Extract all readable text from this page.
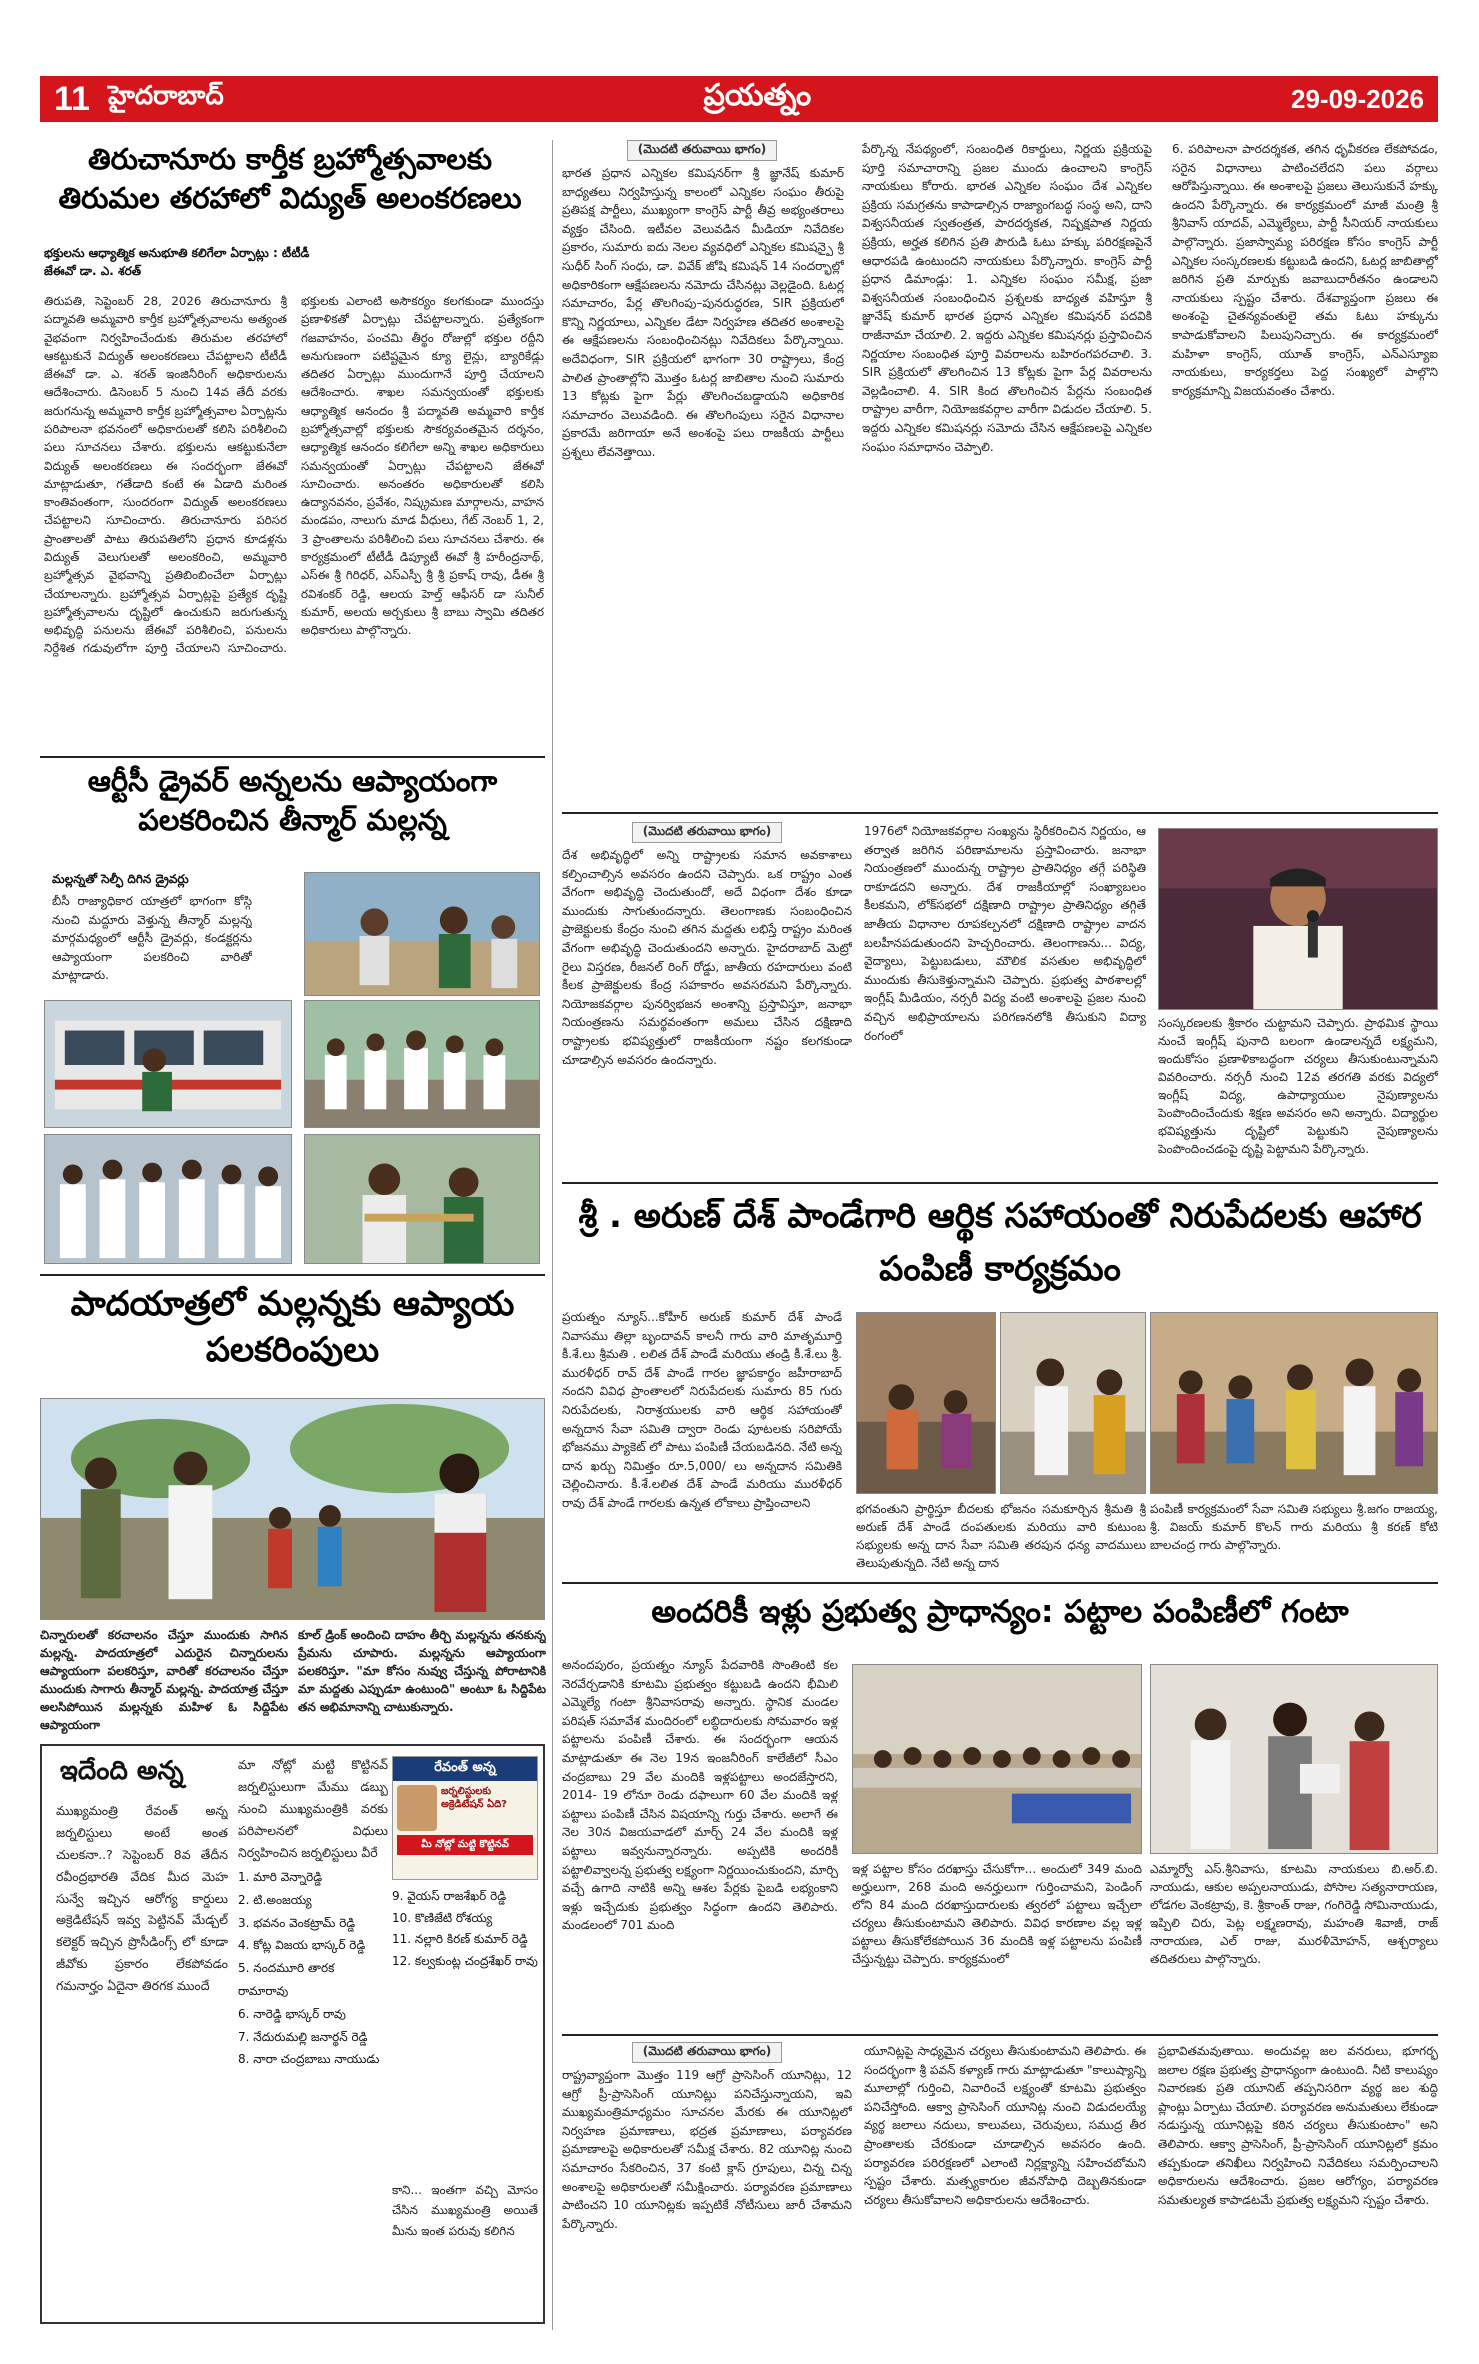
11 హైదరాబాద్	ప్రయత్నం	29-09-2026
తిరుచానూరు కార్తీక బ్రహ్మోత్సవాలకు తిరుమల తరహాలో విద్యుత్ అలంకరణలు
భక్తులను ఆధ్యాత్మిక అనుభూతి కలిగేలా ఏర్పాట్లు : టీటీడీ జేఈవో డా. ఎ. శరత్
తిరుపతి, సెప్టెంబర్ 28, 2026 తిరుచానూరు శ్రీ పద్మావతి అమ్మవారి కార్తీక బ్రహ్మోత్సవాలను అత్యంత వైభవంగా నిర్వహించేందుకు తిరుమల తరహాలో ఆకట్టుకునే విద్యుత్ అలంకరణలు చేపట్టాలని టీటీడీ జేఈవో డా. ఎ. శరత్ ఇంజినీరింగ్ అధికారులను ఆదేశించారు. డిసెంబర్ 5 నుంచి 14వ తేదీ వరకు జరుగనున్న అమ్మవారి కార్తీక బ్రహ్మోత్సవాల ఏర్పాట్లను పరిపాలనా భవనంలో అధికారులతో కలిసి పరిశీలించి పలు సూచనలు చేశారు. భక్తులను ఆకట్టుకునేలా విద్యుత్ అలంకరణలు ఈ సందర్భంగా జేఈవో మాట్లాడుతూ, గతేడాది కంటే ఈ ఏడాది మరింత కాంతివంతంగా, సుందరంగా విద్యుత్ అలంకరణలు చేపట్టాలని సూచించారు. తిరుచానూరు పరిసర ప్రాంతాలతో పాటు తిరుపతిలోని ప్రధాన కూడళ్లను విద్యుత్ వెలుగులతో అలంకరించి, అమ్మవారి బ్రహ్మోత్సవ వైభవాన్ని ప్రతిబింబించేలా ఏర్పాట్లు చేయాలన్నారు. బ్రహ్మోత్సవ ఏర్పాట్లపై ప్రత్యేక దృష్టి బ్రహ్మోత్సవాలను దృష్టిలో ఉంచుకుని జరుగుతున్న అభివృద్ధి పనులను జేఈవో పరిశీలించి, పనులను నిర్దేశిత గడువులోగా పూర్తి చేయాలని సూచించారు. భక్తులకు ఎలాంటి అసౌకర్యం కలగకుండా ముందస్తు ప్రణాళికతో ఏర్పాట్లు చేపట్టాలన్నారు. ప్రత్యేకంగా గజవాహనం, పంచమి తీర్థం రోజుల్లో భక్తుల రద్దీని అనుగుణంగా పటిష్టమైన క్యూ లైన్లు, బ్యారికేడ్లు తదితర ఏర్పాట్లు ముందుగానే పూర్తి చేయాలని ఆదేశించారు. శాఖల సమన్వయంతో భక్తులకు ఆధ్యాత్మిక ఆనందం శ్రీ పద్మావతి అమ్మవారి కార్తీక బ్రహ్మోత్సవాల్లో భక్తులకు సౌకర్యవంతమైన దర్శనం, ఆధ్యాత్మిక ఆనందం కలిగేలా అన్ని శాఖల అధికారులు సమన్వయంతో ఏర్పాట్లు చేపట్టాలని జేఈవో సూచించారు. అనంతరం అధికారులతో కలిసి ఉద్యానవనం, ప్రవేశం, నిష్క్రమణ మార్గాలను, వాహన మండపం, నాలుగు మాడ వీధులు, గేట్ నెంబర్ 1, 2, 3 ప్రాంతాలను పరిశీలించి పలు సూచనలు చేశారు. ఈ కార్యక్రమంలో టీటీడీ డిప్యూటీ ఈవో శ్రీ హరీంద్రనాథ్, ఎస్ఈ శ్రీ గిరిధర్, ఎస్ఎస్పీ శ్రీ శ్రీ ప్రకాష్ రావు, డీఈ శ్రీ రవిశంకర్ రెడ్డి, ఆలయ హెల్త్ ఆఫీసర్ డా సునీల్ కుమార్, అలయ అర్చకులు శ్రీ బాబు స్వామి తదితర అధికారులు పాల్గొన్నారు.
ఆర్టీసీ డ్రైవర్ అన్నలను ఆప్యాయంగా పలకరించిన తీన్మార్ మల్లన్న
మల్లన్నతో సెల్ఫీ దిగిన డ్రైవర్లు
బీసీ రాజ్యాధికార యాత్రలో భాగంగా కోస్గి నుంచి మద్దూరు వెళ్తున్న తీన్మార్ మల్లన్న మార్గమధ్యంలో ఆర్టీసీ డ్రైవర్లు, కండక్టర్లను ఆప్యాయంగా పలకరించి వారితో మాట్లాడారు.
పాదయాత్రలో మల్లన్నకు ఆప్యాయ పలకరింపులు
చిన్నారులతో కరచాలనం చేస్తూ ముందుకు సాగిన మల్లన్న. పాదయాత్రలో ఎదురైన చిన్నారులను ఆప్యాయంగా పలకరిస్తూ, వారితో కరచాలనం చేస్తూ ముందుకు సాగారు తీన్మార్ మల్లన్న. పాదయాత్ర చేస్తూ అలసిపోయిన మల్లన్నకు మహిళ ఓ సిద్దిపేట ఆప్యాయంగా
కూల్ డ్రింక్ అందించి దాహం తీర్చి మల్లన్నను తనకున్న ప్రేమను చూపారు. మల్లన్నను ఆప్యాయంగా పలకరిస్తూ. "మా కోసం నువ్వు చేస్తున్న పోరాటానికి మా మద్దతు ఎప్పుడూ ఉంటుంది" అంటూ ఓ సిద్దిపేట తన అభిమానాన్ని చాటుకున్నారు.
ఇదేంది అన్న
ముఖ్యమంత్రి రేవంత్ అన్న జర్నలిస్టులు అంటే అంత చులకనా..? సెప్టెంబర్ 8వ తేదీన రవీంద్రభారతి వేదిక మీద మెహ సున్వే ఇచ్చిన ఆరోగ్య కార్డులు అక్రెడిటేషన్ ఇవ్వ పెట్టినవ్ మేడ్చల్ కలెక్టర్ ఇచ్చిన ప్రొసీడింగ్స్ లో కూడా జీవోకు ప్రకారం లేకపోవడం గమనార్హం ఏదైనా తిరగక ముందే
మా నోట్లో మట్టి కొట్టినవ్ జర్నలిస్టులుగా మేము డబ్బు నుంచి ముఖ్యమంత్రికి వరకు పరిపాలనలో విధులు నిర్వహించిన జర్నలిస్టులు వీరే
1. మారి వెన్నారెడ్డి
2. టి.అంజయ్య
3. భవనం వెంకట్రామ్ రెడ్డి
4. కోట్ల విజయ భాస్కర్ రెడ్డి
5. నందమూరి తారక రామారావు
6. నారెడ్డి భాస్కర్ రావు
7. నేదురుమల్లి జనార్థన్ రెడ్డి
8. నారా చంద్రబాబు నాయుడు
రేవంత్ అన్న
జర్నలిస్టులకు అక్రెడిటేషన్ ఏది?
మీ నోట్లో మట్టి కొట్టినవ్
9. వైయస్ రాజశేఖర్ రెడ్డి
10. కొణిజేటి రోశయ్య
11. నల్లారి కిరణ్ కుమార్ రెడ్డి
12. కల్వకుంట్ల చంద్రశేఖర్ రావు
కాని... ఇంతగా వచ్చి మోసం చేసిన ముఖ్యమంత్రి అయితే మీను ఇంత పరువు కలిగిన
(మొదటి తరువాయి భాగం)
భారత ప్రధాన ఎన్నికల కమిషనర్‌గా శ్రీ జ్ఞానేష్ కుమార్ బాధ్యతలు నిర్వహిస్తున్న కాలంలో ఎన్నికల సంఘం తీరుపై ప్రతిపక్ష పార్టీలు, ముఖ్యంగా కాంగ్రెస్ పార్టీ తీవ్ర అభ్యంతరాలు వ్యక్తం చేసింది. ఇటీవల వెలువడిన మీడియా నివేదికల ప్రకారం, సుమారు ఐదు నెలల వ్యవధిలో ఎన్నికల కమిషన్పై శ్రీ సుధీర్ సింగ్ సంధు, డా. వివేక్ జోషి కమిషన్ 14 సందర్భాల్లో అధికారికంగా ఆక్షేపణలను నమోదు చేసినట్లు వెల్లడైంది. ఓటర్ల సమాచారం, పేర్ల తొలగింపు–పునరుద్ధరణ, SIR ప్రక్రియలో కొన్ని నిర్ణయాలు, ఎన్నికల డేటా నిర్వహణ తదితర అంశాలపై ఈ ఆక్షేపణలను సంబంధించినట్లు నివేదికలు పేర్కొన్నాయి. అదేవిధంగా, SIR ప్రక్రియలో భాగంగా 30 రాష్ట్రాలు, కేంద్ర పాలిత ప్రాంతాల్లోని మొత్తం ఓటర్ల జాబితాల నుంచి సుమారు 13 కోట్లకు పైగా పేర్లు తొలగించబడ్డాయని అధికారిక సమాచారం వెలువడింది. ఈ తొలగింపులు సరైన విధానాల ప్రకారమే జరిగాయా అనే అంశంపై పలు రాజకీయ పార్టీలు ప్రశ్నలు లేవనెత్తాయి.
పేర్కొన్న నేపథ్యంలో, సంబంధిత రికార్డులు, నిర్ణయ ప్రక్రియపై పూర్తి సమాచారాన్ని ప్రజల ముందు ఉంచాలని కాంగ్రెస్ నాయకులు కోరారు. భారత ఎన్నికల సంఘం దేశ ఎన్నికల ప్రక్రియ సమగ్రతను కాపాడాల్సిన రాజ్యాంగబద్ధ సంస్థ అని, దాని విశ్వసనీయత స్వతంత్రత, పారదర్శకత, నిష్పక్షపాత నిర్ణయ ప్రక్రియ, అర్హత కలిగిన ప్రతి పౌరుడి ఓటు హక్కు పరిరక్షణపైనే ఆధారపడి ఉంటుందని నాయకులు పేర్కొన్నారు. కాంగ్రెస్ పార్టీ ప్రధాన డిమాండ్లు: 1. ఎన్నికల సంఘం సమీక్ష, ప్రజా విశ్వసనీయత సంబంధించిన ప్రశ్నలకు బాధ్యత వహిస్తూ శ్రీ జ్ఞానేష్ కుమార్ భారత ప్రధాన ఎన్నికల కమిషనర్ పదవికి రాజీనామా చేయాలి. 2. ఇద్దరు ఎన్నికల కమిషనర్లు ప్రస్తావించిన నిర్ణయాల సంబంధిత పూర్తి వివరాలను బహిరంగపరచాలి. 3. SIR ప్రక్రియలో తొలగించిన 13 కోట్లకు పైగా పేర్ల వివరాలను వెల్లడించాలి. 4. SIR కింద తొలగించిన పేర్లను సంబంధిత రాష్ట్రాల వారీగా, నియోజకవర్గాల వారీగా విడుదల చేయాలి. 5. ఇద్దరు ఎన్నికల కమిషనర్లు సమోదు చేసిన ఆక్షేపణలపై ఎన్నికల సంఘం సమాధానం చెప్పాలి.
6. పరిపాలనా పారదర్శకత, తగిన ధృవీకరణ లేకపోవడం, సరైన విధానాలు పాటించలేదని పలు వర్గాలు ఆరోపిస్తున్నాయి. ఈ అంశాలపై ప్రజలు తెలుసుకునే హక్కు ఉందని పేర్కొన్నారు. ఈ కార్యక్రమంలో మాజీ మంత్రి శ్రీ శ్రీనివాస్ యాదవ్, ఎమ్మెల్యేలు, పార్టీ సీనియర్ నాయకులు పాల్గొన్నారు. ప్రజాస్వామ్య పరిరక్షణ కోసం కాంగ్రెస్ పార్టీ ఎన్నికల సంస్కరణలకు కట్టుబడి ఉందని, ఓటర్ల జాబితాల్లో జరిగిన ప్రతి మార్పుకు జవాబుదారీతనం ఉండాలని నాయకులు స్పష్టం చేశారు. దేశవ్యాప్తంగా ప్రజలు ఈ అంశంపై చైతన్యవంతులై తమ ఓటు హక్కును కాపాడుకోవాలని పిలుపునిచ్చారు. ఈ కార్యక్రమంలో మహిళా కాంగ్రెస్, యూత్ కాంగ్రెస్, ఎన్ఎస్యూఐ నాయకులు, కార్యకర్తలు పెద్ద సంఖ్యలో పాల్గొని కార్యక్రమాన్ని విజయవంతం చేశారు.
(మొదటి తరువాయి భాగం)
దేశ అభివృద్ధిలో అన్ని రాష్ట్రాలకు సమాన అవకాశాలు కల్పించాల్సిన అవసరం ఉందని చెప్పారు. ఒక రాష్ట్రం ఎంత వేగంగా అభివృద్ధి చెందుతుందో, అదే విధంగా దేశం కూడా ముందుకు సాగుతుందన్నారు. తెలంగాణకు సంబంధించిన ప్రాజెక్టులకు కేంద్రం నుంచి తగిన మద్దతు లభిస్తే రాష్ట్రం మరింత వేగంగా అభివృద్ధి చెందుతుందని అన్నారు. హైదరాబాద్ మెట్రో రైలు విస్తరణ, రీజనల్ రింగ్ రోడ్డు, జాతీయ రహదారులు వంటి కీలక ప్రాజెక్టులకు కేంద్ర సహకారం అవసరమని పేర్కొన్నారు. నియోజకవర్గాల పునర్విభజన అంశాన్ని ప్రస్తావిస్తూ, జనాభా నియంత్రణను సమర్థవంతంగా అమలు చేసిన దక్షిణాది రాష్ట్రాలకు భవిష్యత్తులో రాజకీయంగా నష్టం కలగకుండా చూడాల్సిన అవసరం ఉందన్నారు.
1976లో నియోజకవర్గాల సంఖ్యను స్థిరీకరించిన నిర్ణయం, ఆ తర్వాత జరిగిన పరిణామాలను ప్రస్తావించారు. జనాభా నియంత్రణలో ముందున్న రాష్ట్రాల ప్రాతినిధ్యం తగ్గే పరిస్థితి రాకూడదని అన్నారు. దేశ రాజకీయాల్లో సంఖ్యాబలం కీలకమని, లోక్‌సభలో దక్షిణాది రాష్ట్రాల ప్రాతినిధ్యం తగ్గితే జాతీయ విధానాల రూపకల్పనలో దక్షిణాది రాష్ట్రాల వాదన బలహీనపడుతుందని హెచ్చరించారు. తెలంగాణను... విద్య, వైద్యాలు, పెట్టుబడులు, మౌలిక వసతుల అభివృద్ధిలో ముందుకు తీసుకెళ్తున్నామని చెప్పారు. ప్రభుత్వ పాఠశాలల్లో ఇంగ్లీష్ మీడియం, నర్సరీ విద్య వంటి అంశాలపై ప్రజల నుంచి వచ్చిన అభిప్రాయాలను పరిగణనలోకి తీసుకుని విద్యా రంగంలో
సంస్కరణలకు శ్రీకారం చుట్టామని చెప్పారు. ప్రాథమిక స్థాయి నుంచే ఇంగ్లీష్ పునాది బలంగా ఉండాలన్నదే లక్ష్యమని, ఇందుకోసం ప్రణాళికాబద్ధంగా చర్యలు తీసుకుంటున్నామని వివరించారు. నర్సరీ నుంచి 12వ తరగతి వరకు విద్యలో ఇంగ్లీష్ విద్య, ఉపాధ్యాయుల నైపుణ్యాలను పెంపొందించేందుకు శిక్షణ అవసరం అని అన్నారు. విద్యార్థుల భవిష్యత్తును దృష్టిలో పెట్టుకుని నైపుణ్యాలను పెంపొందించడంపై దృష్టి పెట్టామని పేర్కొన్నారు.
శ్రీ . అరుణ్ దేశ్ పాండేగారి ఆర్థిక సహాయంతో నిరుపేదలకు ఆహార పంపిణీ కార్యక్రమం
ప్రయత్నం న్యూస్...కోహీర్ అరుణ్ కుమార్ దేశ్ పాండే నివాసము తిల్లా బృందావన్ కాలనీ గారు వారి మాతృమూర్తి కీ.శే.లు శ్రీమతి . లలిత దేశ్ పాండే మరియు తండ్రి కీ.శే.లు శ్రీ. మురళీధర్ రావ్ దేశ్ పాండే గారల జ్ఞాపకార్థం జహీరాబాద్ నందని వివిధ ప్రాంతాలలో నిరుపేదలకు సుమారు 85 గురు నిరుపేదలకు, నిరాశ్రయులకు వారి ఆర్థిక సహాయంతో అన్నదాన సేవా సమితి ద్వారా రెండు పూటలకు సరిపోయే భోజనము ప్యాకెట్ లో పాటు పంపిణీ చేయబడినది. నేటి అన్న దాన ఖర్చు నిమిత్తం రూ.5,000/ లు అన్నదాన సమితికి చెల్లించినారు. కీ.శే.లలిత దేశ్ పాండే మరియు మురళీధర్ రావు దేశ్ పాండే గారలకు ఉన్నత లోకాలు ప్రాప్తించాలని	భగవంతుని ప్రార్థిస్తూ బీదలకు భోజనం సమకూర్చిన శ్రీమతి శ్రీ అరుణ్ దేశ్ పాండే దంపతులకు మరియు వారి కుటుంబ సభ్యులకు అన్న దాన సేవా సమితి తరపున ధన్య వాదములు తెలుపుతున్నది. నేటి అన్న దాన
పంపిణీ కార్యక్రమంలో సేవా సమితి సభ్యులు శ్రీ.జగం రాజయ్య, శ్రీ. విజయ్ కుమార్ కొలన్ గారు మరియు శ్రీ కరణ్ కోటి బాలచంద్ర గారు పాల్గొన్నారు.
అందరికీ ఇళ్లు ప్రభుత్వ ప్రాధాన్యం: పట్టాల పంపిణీలో గంటా
అనందపురం, ప్రయత్నం న్యూస్ పేదవారికి సొంతింటి కల నెరవేర్చడానికి కూటమి ప్రభుత్వం కట్టుబడి ఉందని భీమిలి ఎమ్మెల్యే గంటా శ్రీనివాసరావు అన్నారు. స్థానిక మండల పరిషత్ సమావేశ మందిరంలో లబ్ధిదారులకు సోమవారం ఇళ్ల పట్టాలను పంపిణీ చేశారు. ఈ సందర్భంగా ఆయన మాట్లాడుతూ ఈ నెల 19న ఇంజనీరింగ్ కాలేజీలో సీఎం చంద్రబాబు 29 వేల మందికి ఇళ్లపట్టాలు అందజేస్తారని, 2014- 19 లోనూ రెండు దఫాలుగా 60 వేల మందికి ఇళ్ల పట్టాలు పంపిణీ చేసిన విషయాన్ని గుర్తు చేశారు. అలాగే ఈ నెల 30న విజయవాడలో మార్చ్ 24 వేల మందికి ఇళ్ల పట్టాలు ఇవ్వనున్నారన్నారు. అప్పటికి అందరికీ పట్టాలివ్వాలన్న ప్రభుత్వ లక్ష్యంగా నిర్ణయించుకుందని, మార్చి వచ్చే ఉగాది నాటికి అన్ని ఆశల పేర్లకు పైబడి లభ్యంకాని ఇళ్లు ఇచ్చేదుకు ప్రభుత్వం సిద్ధంగా ఉందని తెలిపారు. మండలంలో 701 మంది
ఇళ్ల పట్టాల కోసం దరఖాస్తు చేసుకోగా... అందులో 349 మంది అర్హులుగా, 268 మంది అనర్హులుగా గుర్తించామని, పెండింగ్ లోని 84 మంది దరఖాస్తుదారులకు త్వరలో పట్టాలు ఇచ్చేలా చర్యలు తీసుకుంటామని తెలిపారు. వివిధ కారణాల వల్ల ఇళ్ల పట్టాలు తీసుకోలేకపోయిన 36 మందికి ఇళ్ల పట్టాలను పంపిణీ చేస్తున్నట్టు చెప్పారు. కార్యక్రమంలో
ఎమ్మార్వో ఎస్.శ్రీనివాసు, కూటమి నాయకులు బి.అర్.బి. నాయుడు, ఆకుల అప్పలనాయుడు, పోసాల సత్యనారాయణ, లోడగల వెంకట్రావు, కె. శ్రీకాంత్ రాజు, గంగిరెడ్డి సోమినాయుడు, ఇప్పిలి చిరు, పెట్ల లక్ష్మణరావు, మహంతి శివాజీ, రాజ్ నారాయణ, ఎల్ రాజు, మురళీమోహన్, ఆశ్చర్యాలు తదితరులు పాల్గొన్నారు.
(మొదటి తరువాయి భాగం)
రాష్ట్రవ్యాప్తంగా మొత్తం 119 ఆగ్రో ప్రాసెసింగ్ యూనిట్లు, 12 ఆగ్రో ప్రీ-ప్రాసెసింగ్ యూనిట్లు పనిచేస్తున్నాయని, ఇవి ముఖ్యమంత్రిమాధ్యమం సూచనల మేరకు ఈ యూనిట్లలో నిర్వహణ ప్రమాణాలు, భద్రత ప్రమాణాలు, పర్యావరణ ప్రమాణాలపై అధికారులతో సమీక్ష చేశారు. 82 యూనిట్ల నుంచి సమాచారం సేకరించిన, 37 కంటి క్లాస్ గ్రూపులు, చిన్న చిన్న అంశాలపై అధికారులతో సమీక్షించారు. పర్యావరణ ప్రమాణాలు పాటించని 10 యూనిట్లకు ఇప్పటికే నోటీసులు జారీ చేశామని పేర్కొన్నారు.
యూనిట్లపై సాధ్యమైన చర్యలు తీసుకుంటామని తెలిపారు. ఈ సందర్భంగా శ్రీ పవన్ కళ్యాణ్ గారు మాట్లాడుతూ "కాలుష్యాన్ని మూలాల్లో గుర్తించి, నివారించే లక్ష్యంతో కూటమి ప్రభుత్వం పనిచేస్తోంది. ఆక్వా ప్రాసెసింగ్ యూనిట్ల నుంచి విడుదలయ్యే వ్యర్థ జలాలు నదులు, కాలువలు, చెరువులు, సముద్ర తీర ప్రాంతాలకు చేరకుండా చూడాల్సిన అవసరం ఉంది. పర్యావరణ పరిరక్షణలో ఎలాంటి నిర్లక్ష్యాన్ని సహించబోమని స్పష్టం చేశారు. మత్స్యకారుల జీవనోపాధి దెబ్బతినకుండా చర్యలు తీసుకోవాలని అధికారులను ఆదేశించారు.
ప్రభావితమవుతాయి. అందువల్ల జల వనరులు, భూగర్భ జలాల రక్షణ ప్రభుత్వ ప్రాధాన్యంగా ఉంటుంది. నీటి కాలుష్యం నివారణకు ప్రతి యూనిట్ తప్పనిసరిగా వ్యర్థ జల శుద్ధి ప్లాంట్లు ఏర్పాటు చేయాలి. పర్యావరణ అనుమతులు లేకుండా నడుస్తున్న యూనిట్లపై కఠిన చర్యలు తీసుకుంటాం" అని తెలిపారు. ఆక్వా ప్రాసెసింగ్, ప్రీ-ప్రాసెసింగ్ యూనిట్లలో క్రమం తప్పకుండా తనిఖీలు నిర్వహించి నివేదికలు సమర్పించాలని అధికారులను ఆదేశించారు. ప్రజల ఆరోగ్యం, పర్యావరణ సమతుల్యత కాపాడటమే ప్రభుత్వ లక్ష్యమని స్పష్టం చేశారు.
